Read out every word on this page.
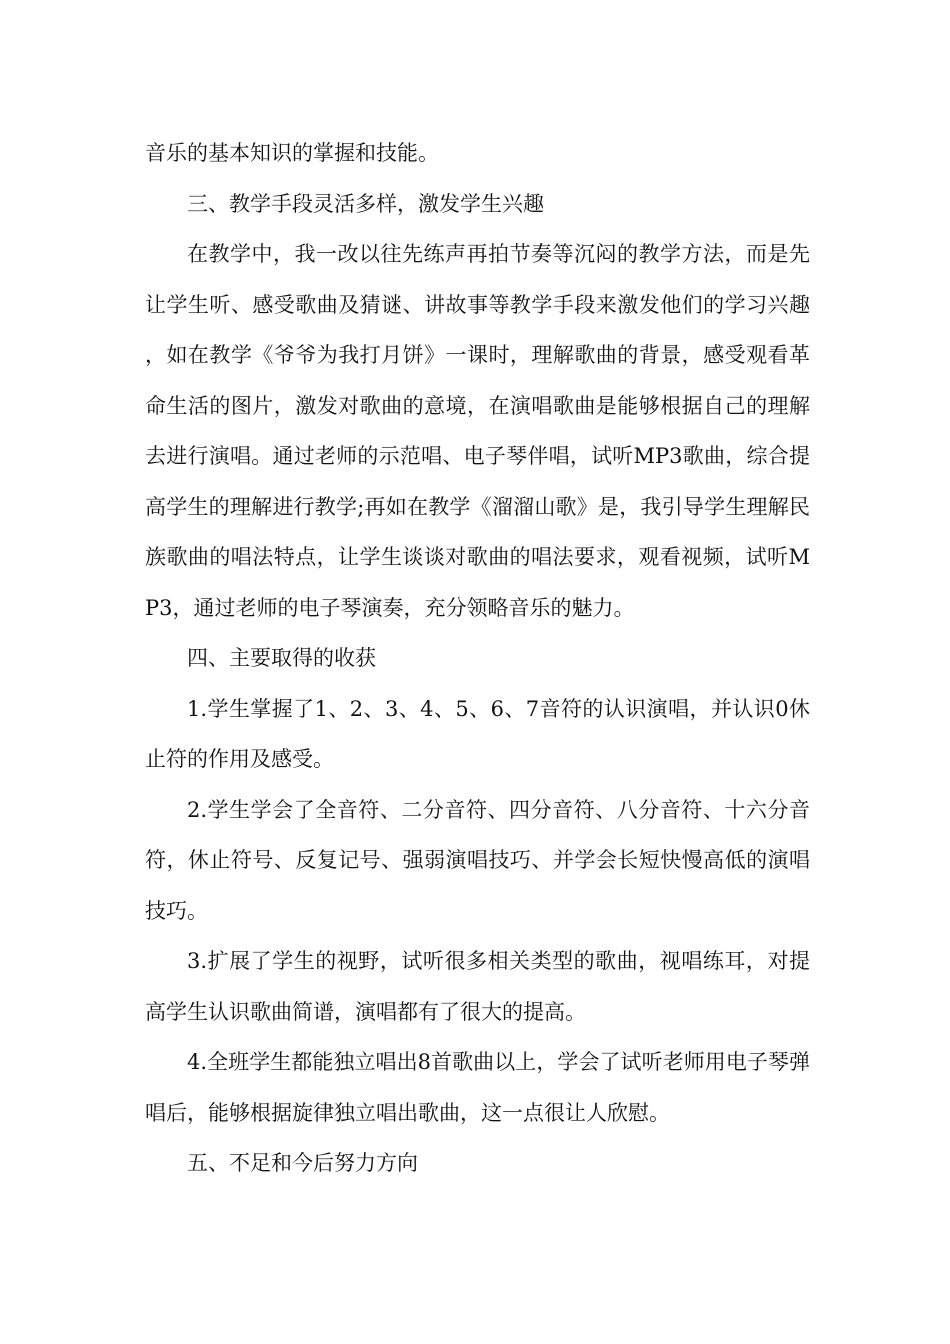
音乐的基本知识的掌握和技能。

三、教学手段灵活多样，激发学生兴趣

在教学中，我一改以往先练声再拍节奏等沉闷的教学方法，而是先让学生听、感受歌曲及猜谜、讲故事等教学手段来激发他们的学习兴趣，如在教学《爷爷为我打月饼》一课时，理解歌曲的背景，感受观看革命生活的图片，激发对歌曲的意境，在演唱歌曲是能够根据自己的理解去进行演唱。通过老师的示范唱、电子琴伴唱，试听MP3歌曲，综合提高学生的理解进行教学;再如在教学《溜溜山歌》是，我引导学生理解民族歌曲的唱法特点，让学生谈谈对歌曲的唱法要求，观看视频，试听MP3，通过老师的电子琴演奏，充分领略音乐的魅力。

四、主要取得的收获

1.学生掌握了1、2、3、4、5、6、7音符的认识演唱，并认识0休止符的作用及感受。

2.学生学会了全音符、二分音符、四分音符、八分音符、十六分音符，休止符号、反复记号、强弱演唱技巧、并学会长短快慢高低的演唱技巧。

3.扩展了学生的视野，试听很多相关类型的歌曲，视唱练耳，对提高学生认识歌曲简谱，演唱都有了很大的提高。

4.全班学生都能独立唱出8首歌曲以上，学会了试听老师用电子琴弹唱后，能够根据旋律独立唱出歌曲，这一点很让人欣慰。

五、不足和今后努力方向
